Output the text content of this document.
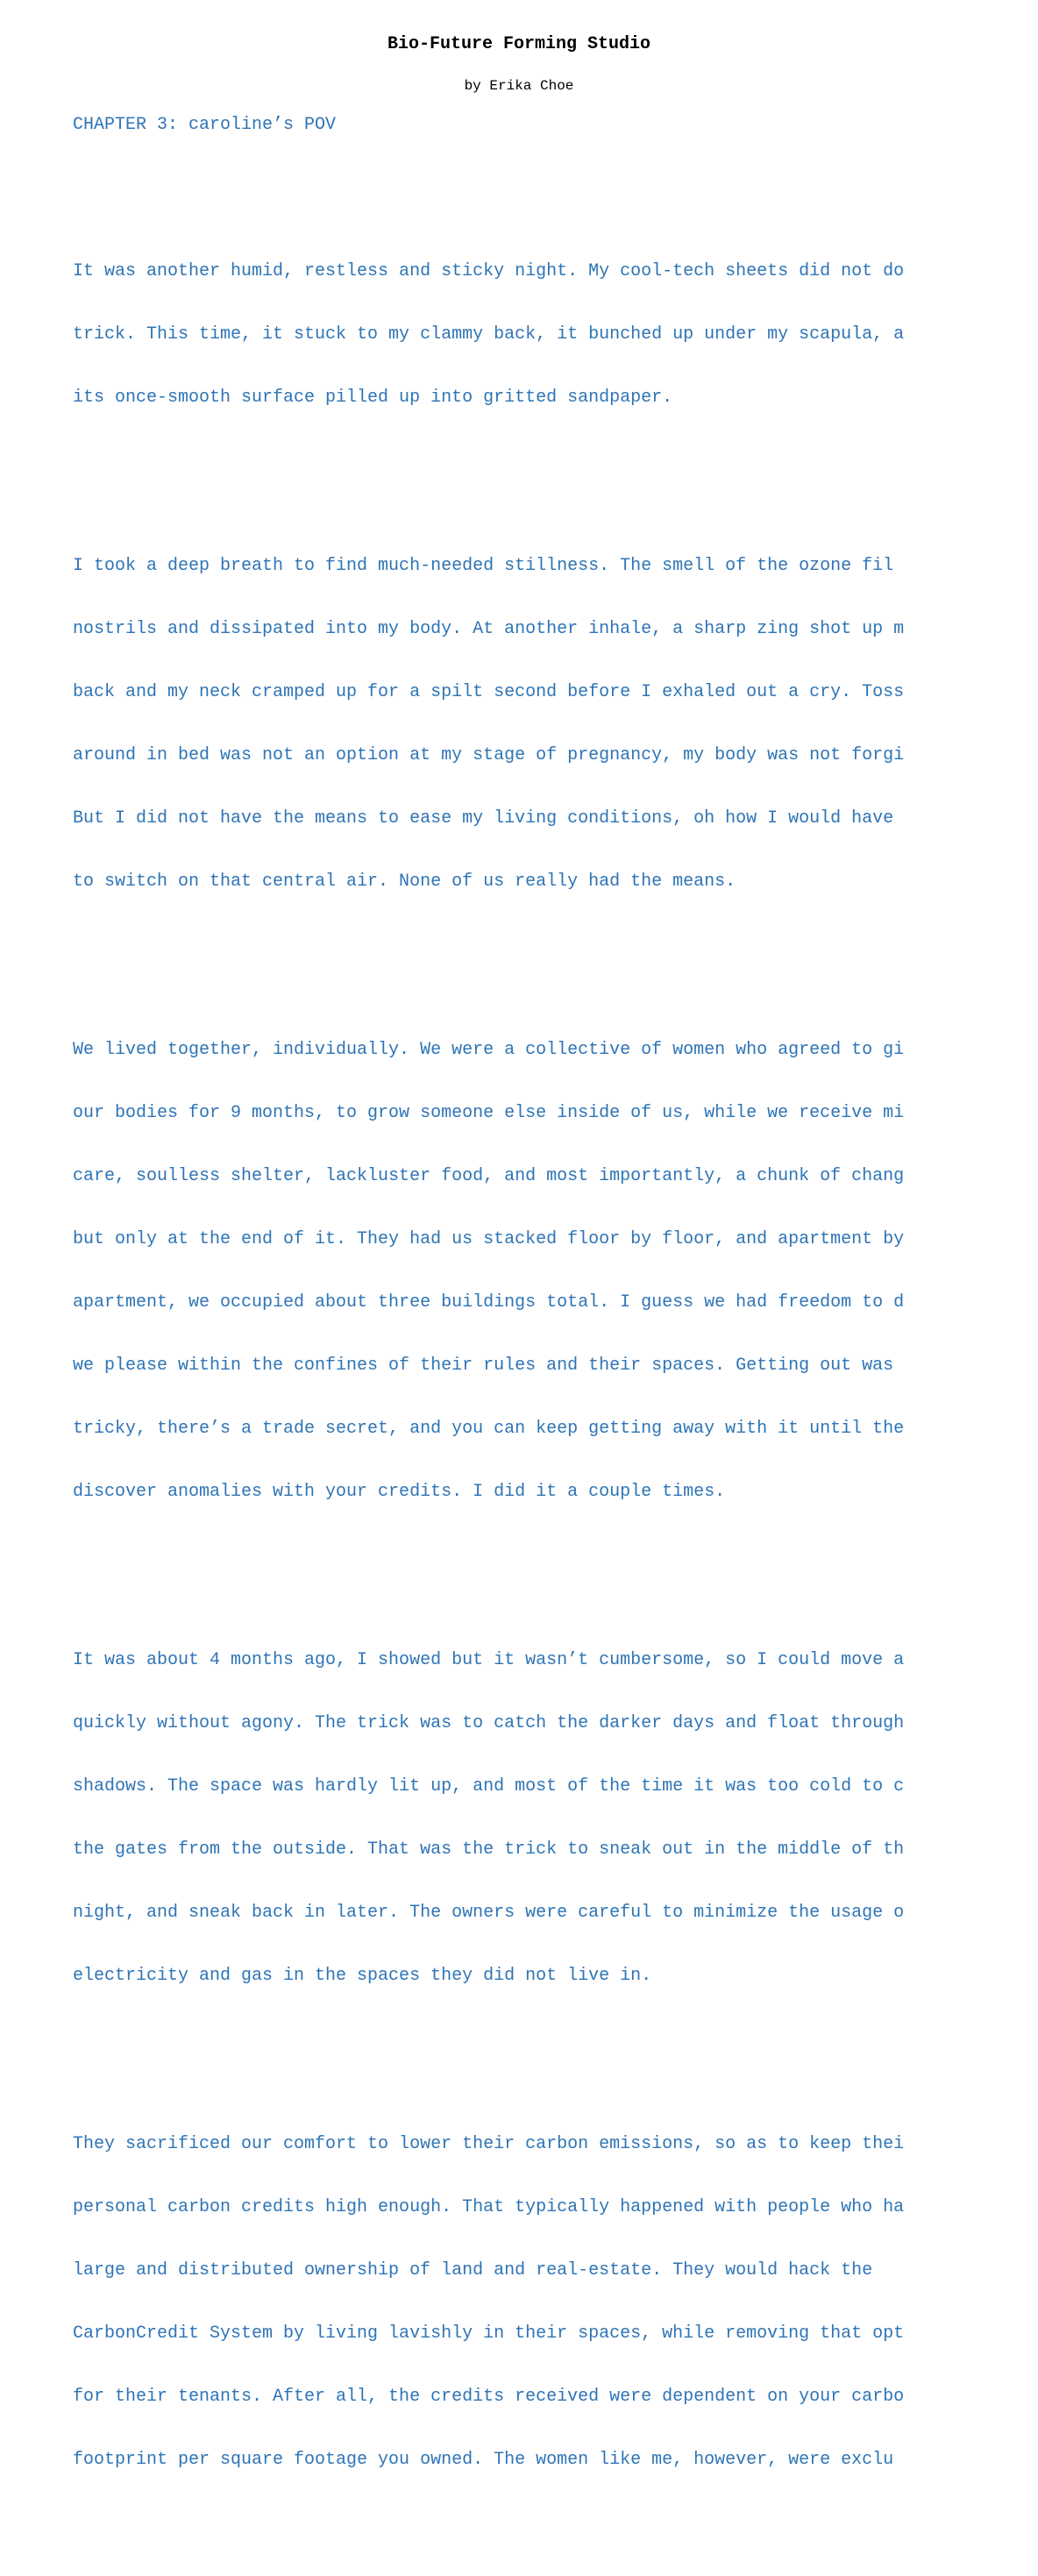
Bio-Future Forming Studio
by Erika Choe
CHAPTER 3: caroline’s POV

It was another humid, restless and sticky night. My cool-tech sheets did not do

trick. This time, it stuck to my clammy back, it bunched up under my scapula, a

its once-smooth surface pilled up into gritted sandpaper.

I took a deep breath to find much-needed stillness. The smell of the ozone fil

nostrils and dissipated into my body. At another inhale, a sharp zing shot up m

back and my neck cramped up for a spilt second before I exhaled out a cry. Toss

around in bed was not an option at my stage of pregnancy, my body was not forgi

But I did not have the means to ease my living conditions, oh how I would have

to switch on that central air. None of us really had the means.

We lived together, individually. We were a collective of women who agreed to gi

our bodies for 9 months, to grow someone else inside of us, while we receive mi

care, soulless shelter, lackluster food, and most importantly, a chunk of chang

but only at the end of it. They had us stacked floor by floor, and apartment by

apartment, we occupied about three buildings total. I guess we had freedom to d

we please within the confines of their rules and their spaces. Getting out was

tricky, there’s a trade secret, and you can keep getting away with it until the

discover anomalies with your credits. I did it a couple times.

It was about 4 months ago, I showed but it wasn’t cumbersome, so I could move a

quickly without agony. The trick was to catch the darker days and float through

shadows. The space was hardly lit up, and most of the time it was too cold to c

the gates from the outside. That was the trick to sneak out in the middle of th

night, and sneak back in later. The owners were careful to minimize the usage o

electricity and gas in the spaces they did not live in.

They sacrificed our comfort to lower their carbon emissions, so as to keep thei

personal carbon credits high enough. That typically happened with people who ha

large and distributed ownership of land and real-estate. They would hack the

CarbonCredit System by living lavishly in their spaces, while removing that opt

for their tenants. After all, the credits received were dependent on your carbo

footprint per square footage you owned. The women like me, however, were exclu
